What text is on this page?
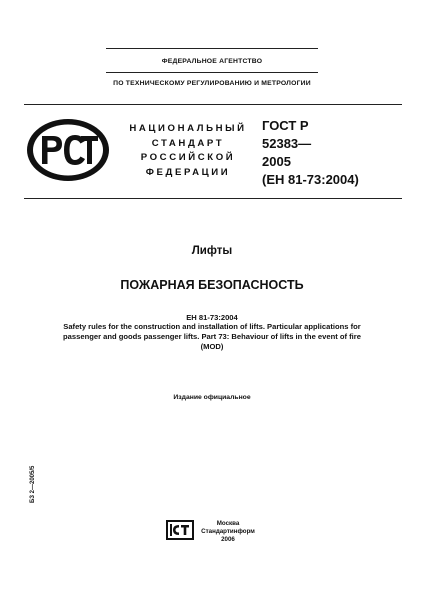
ФЕДЕРАЛЬНОЕ АГЕНТСТВО
ПО ТЕХНИЧЕСКОМУ РЕГУЛИРОВАНИЮ И МЕТРОЛОГИИ
НАЦИОНАЛЬНЫЙ
СТАНДАРТ
РОССИЙСКОЙ
ФЕДЕРАЦИИ
ГОСТ Р
52383—
2005
(ЕН 81-73:2004)
Лифты
ПОЖАРНАЯ БЕЗОПАСНОСТЬ
ЕН 81-73:2004
Safety rules for the construction and installation of lifts. Particular applications for
passenger and goods passenger lifts. Part 73: Behaviour of lifts in the event of fire
(MOD)
Издание официальное
БЗ 2—2005/5
Москва
Стандартинформ
2006
